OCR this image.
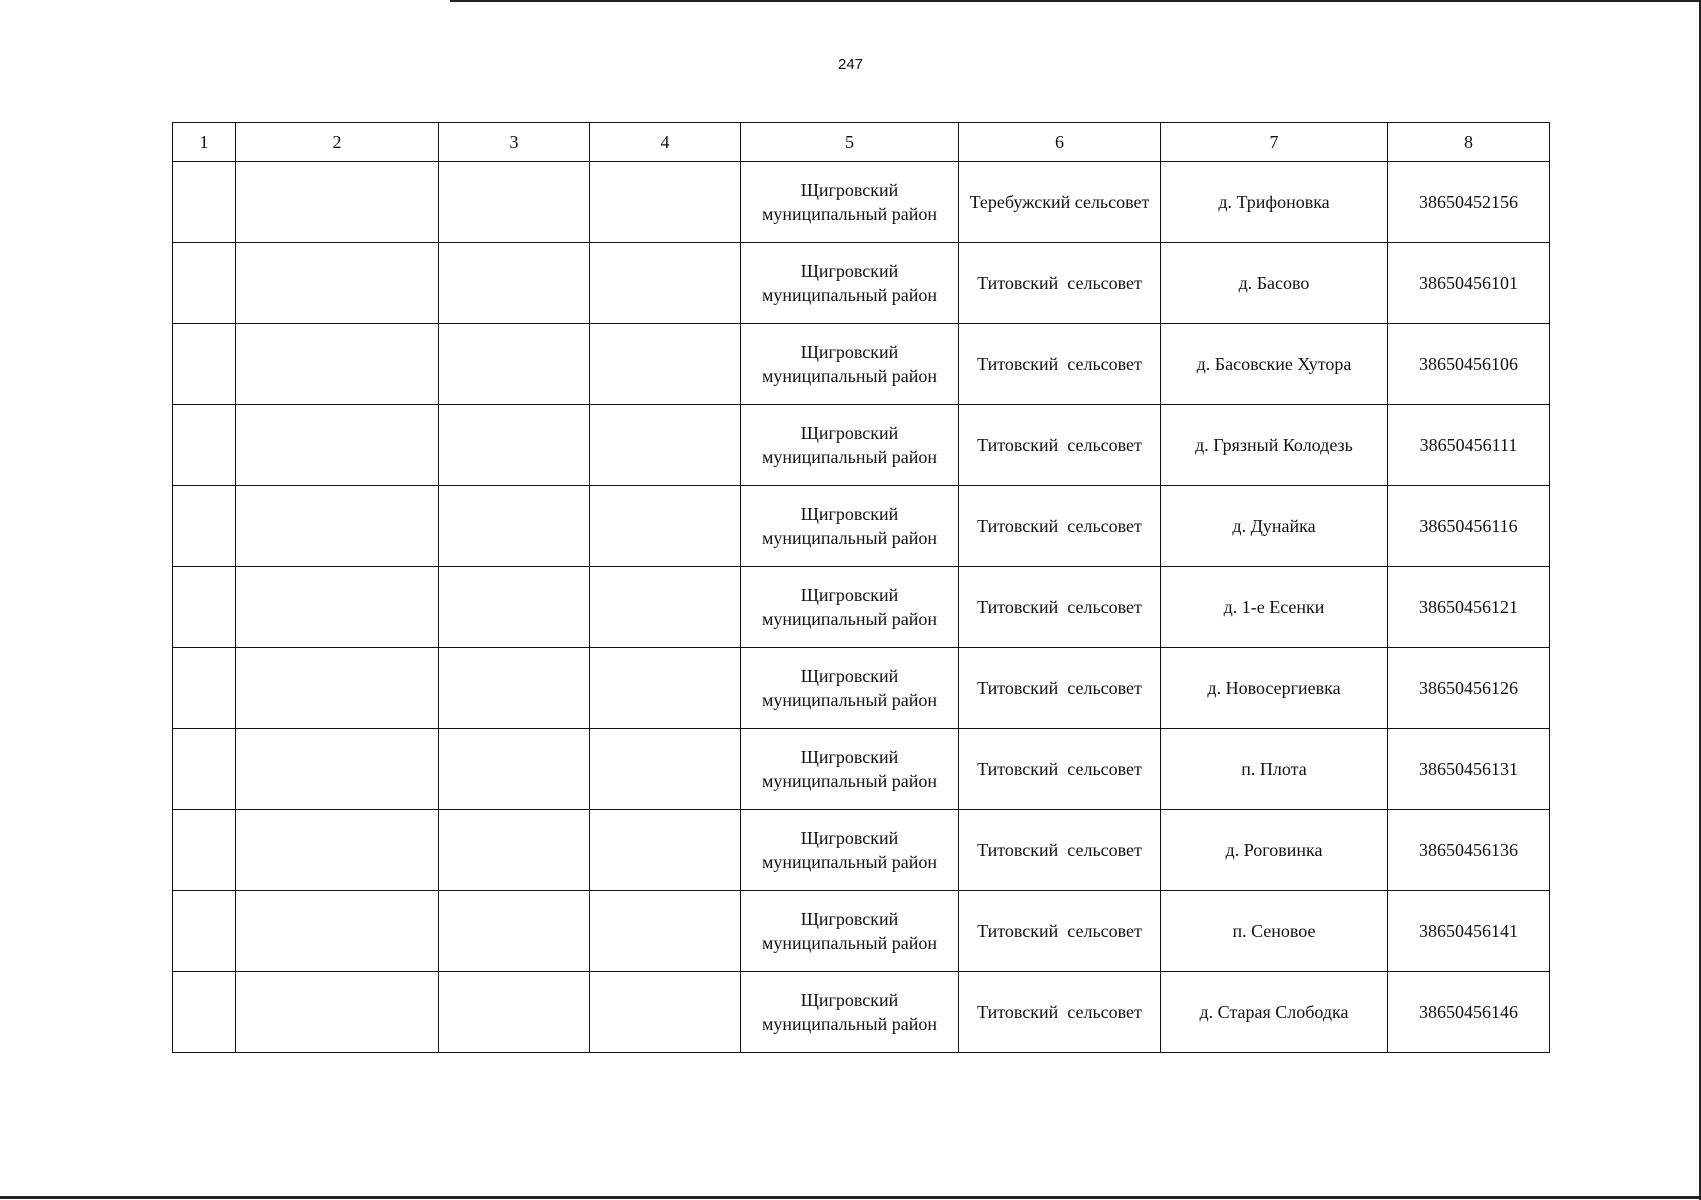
247
1	2	3	4	5	6	7	8
				Щигровский муниципальный район	Теребужский сельсовет	д. Трифоновка	38650452156
				Щигровский муниципальный район	Титовский  сельсовет	д. Басово	38650456101
				Щигровский муниципальный район	Титовский  сельсовет	д. Басовские Хутора	38650456106
				Щигровский муниципальный район	Титовский  сельсовет	д. Грязный Колодезь	38650456111
				Щигровский муниципальный район	Титовский  сельсовет	д. Дунайка	38650456116
				Щигровский муниципальный район	Титовский  сельсовет	д. 1-е Есенки	38650456121
				Щигровский муниципальный район	Титовский  сельсовет	д. Новосергиевка	38650456126
				Щигровский муниципальный район	Титовский  сельсовет	п. Плота	38650456131
				Щигровский муниципальный район	Титовский  сельсовет	д. Роговинка	38650456136
				Щигровский муниципальный район	Титовский  сельсовет	п. Сеновое	38650456141
				Щигровский муниципальный район	Титовский  сельсовет	д. Старая Слободка	38650456146
